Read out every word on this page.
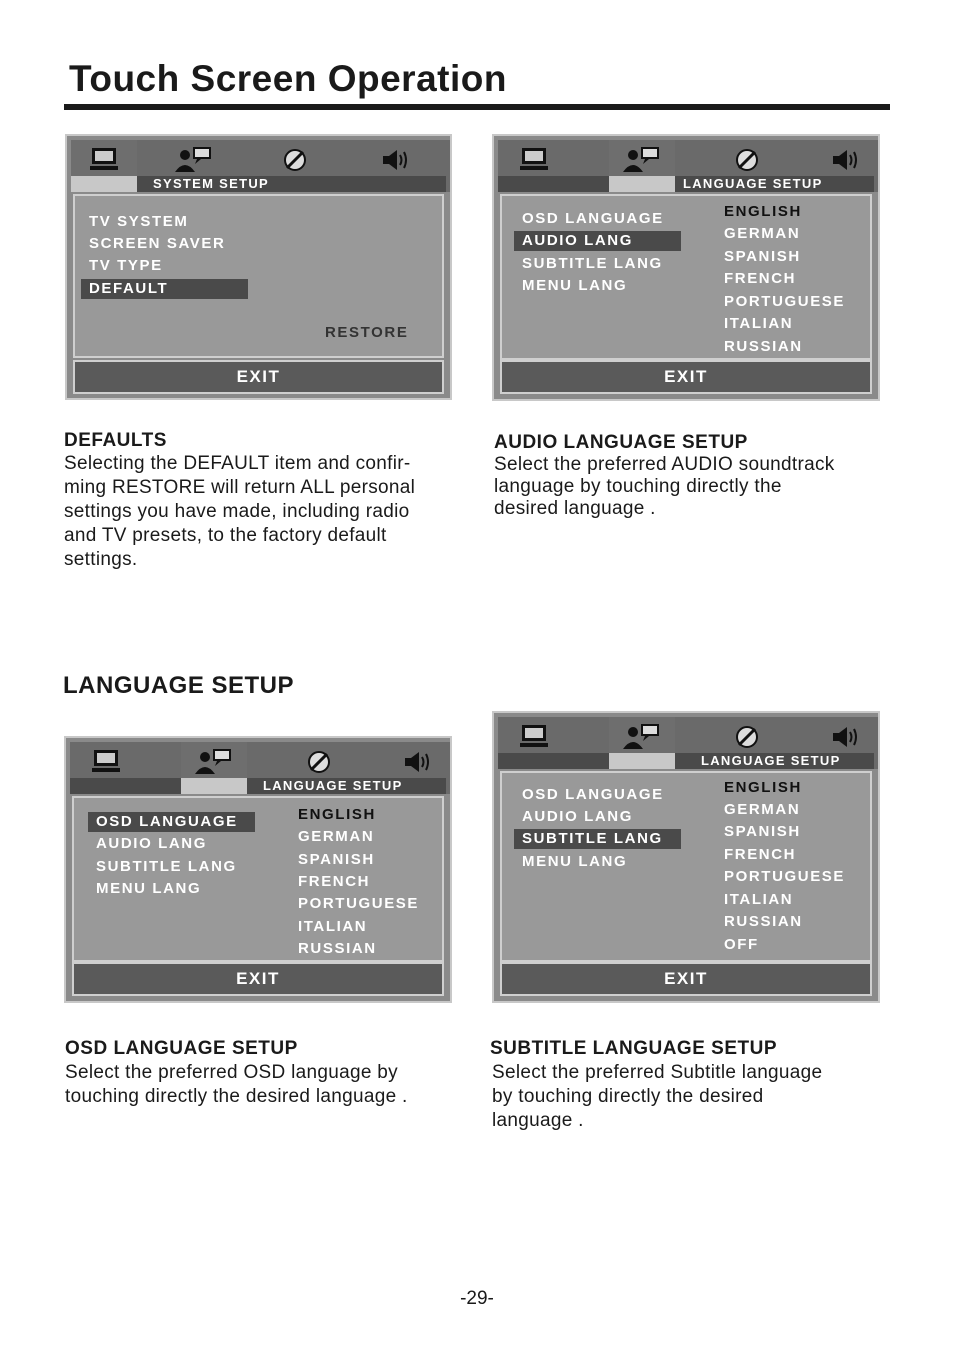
Touch Screen Operation
LANGUAGE SETUP
SYSTEM SETUP
TV SYSTEM
SCREEN SAVER
TV TYPE
DEFAULT
RESTORE
EXIT
LANGUAGE SETUP
OSD LANGUAGE
AUDIO LANG
SUBTITLE LANG
MENU LANG
ENGLISH
GERMAN
SPANISH
FRENCH
PORTUGUESE
ITALIAN
RUSSIAN
EXIT
DEFAULTS
Selecting the DEFAULT item and confir-
ming RESTORE will return ALL personal
settings you have made, including radio
and TV presets, to the factory default
settings.
AUDIO LANGUAGE SETUP
Select the preferred AUDIO soundtrack
language by touching directly the
desired language .
LANGUAGE SETUP
OSD LANGUAGE
AUDIO LANG
SUBTITLE LANG
MENU LANG
ENGLISH
GERMAN
SPANISH
FRENCH
PORTUGUESE
ITALIAN
RUSSIAN
EXIT
LANGUAGE SETUP
OSD LANGUAGE
AUDIO LANG
SUBTITLE LANG
MENU LANG
ENGLISH
GERMAN
SPANISH
FRENCH
PORTUGUESE
ITALIAN
RUSSIAN
OFF
EXIT
OSD LANGUAGE SETUP
Select the preferred OSD language by
touching directly the desired language .
SUBTITLE LANGUAGE SETUP
Select the preferred Subtitle language
by touching directly the desired
language .
-29-
